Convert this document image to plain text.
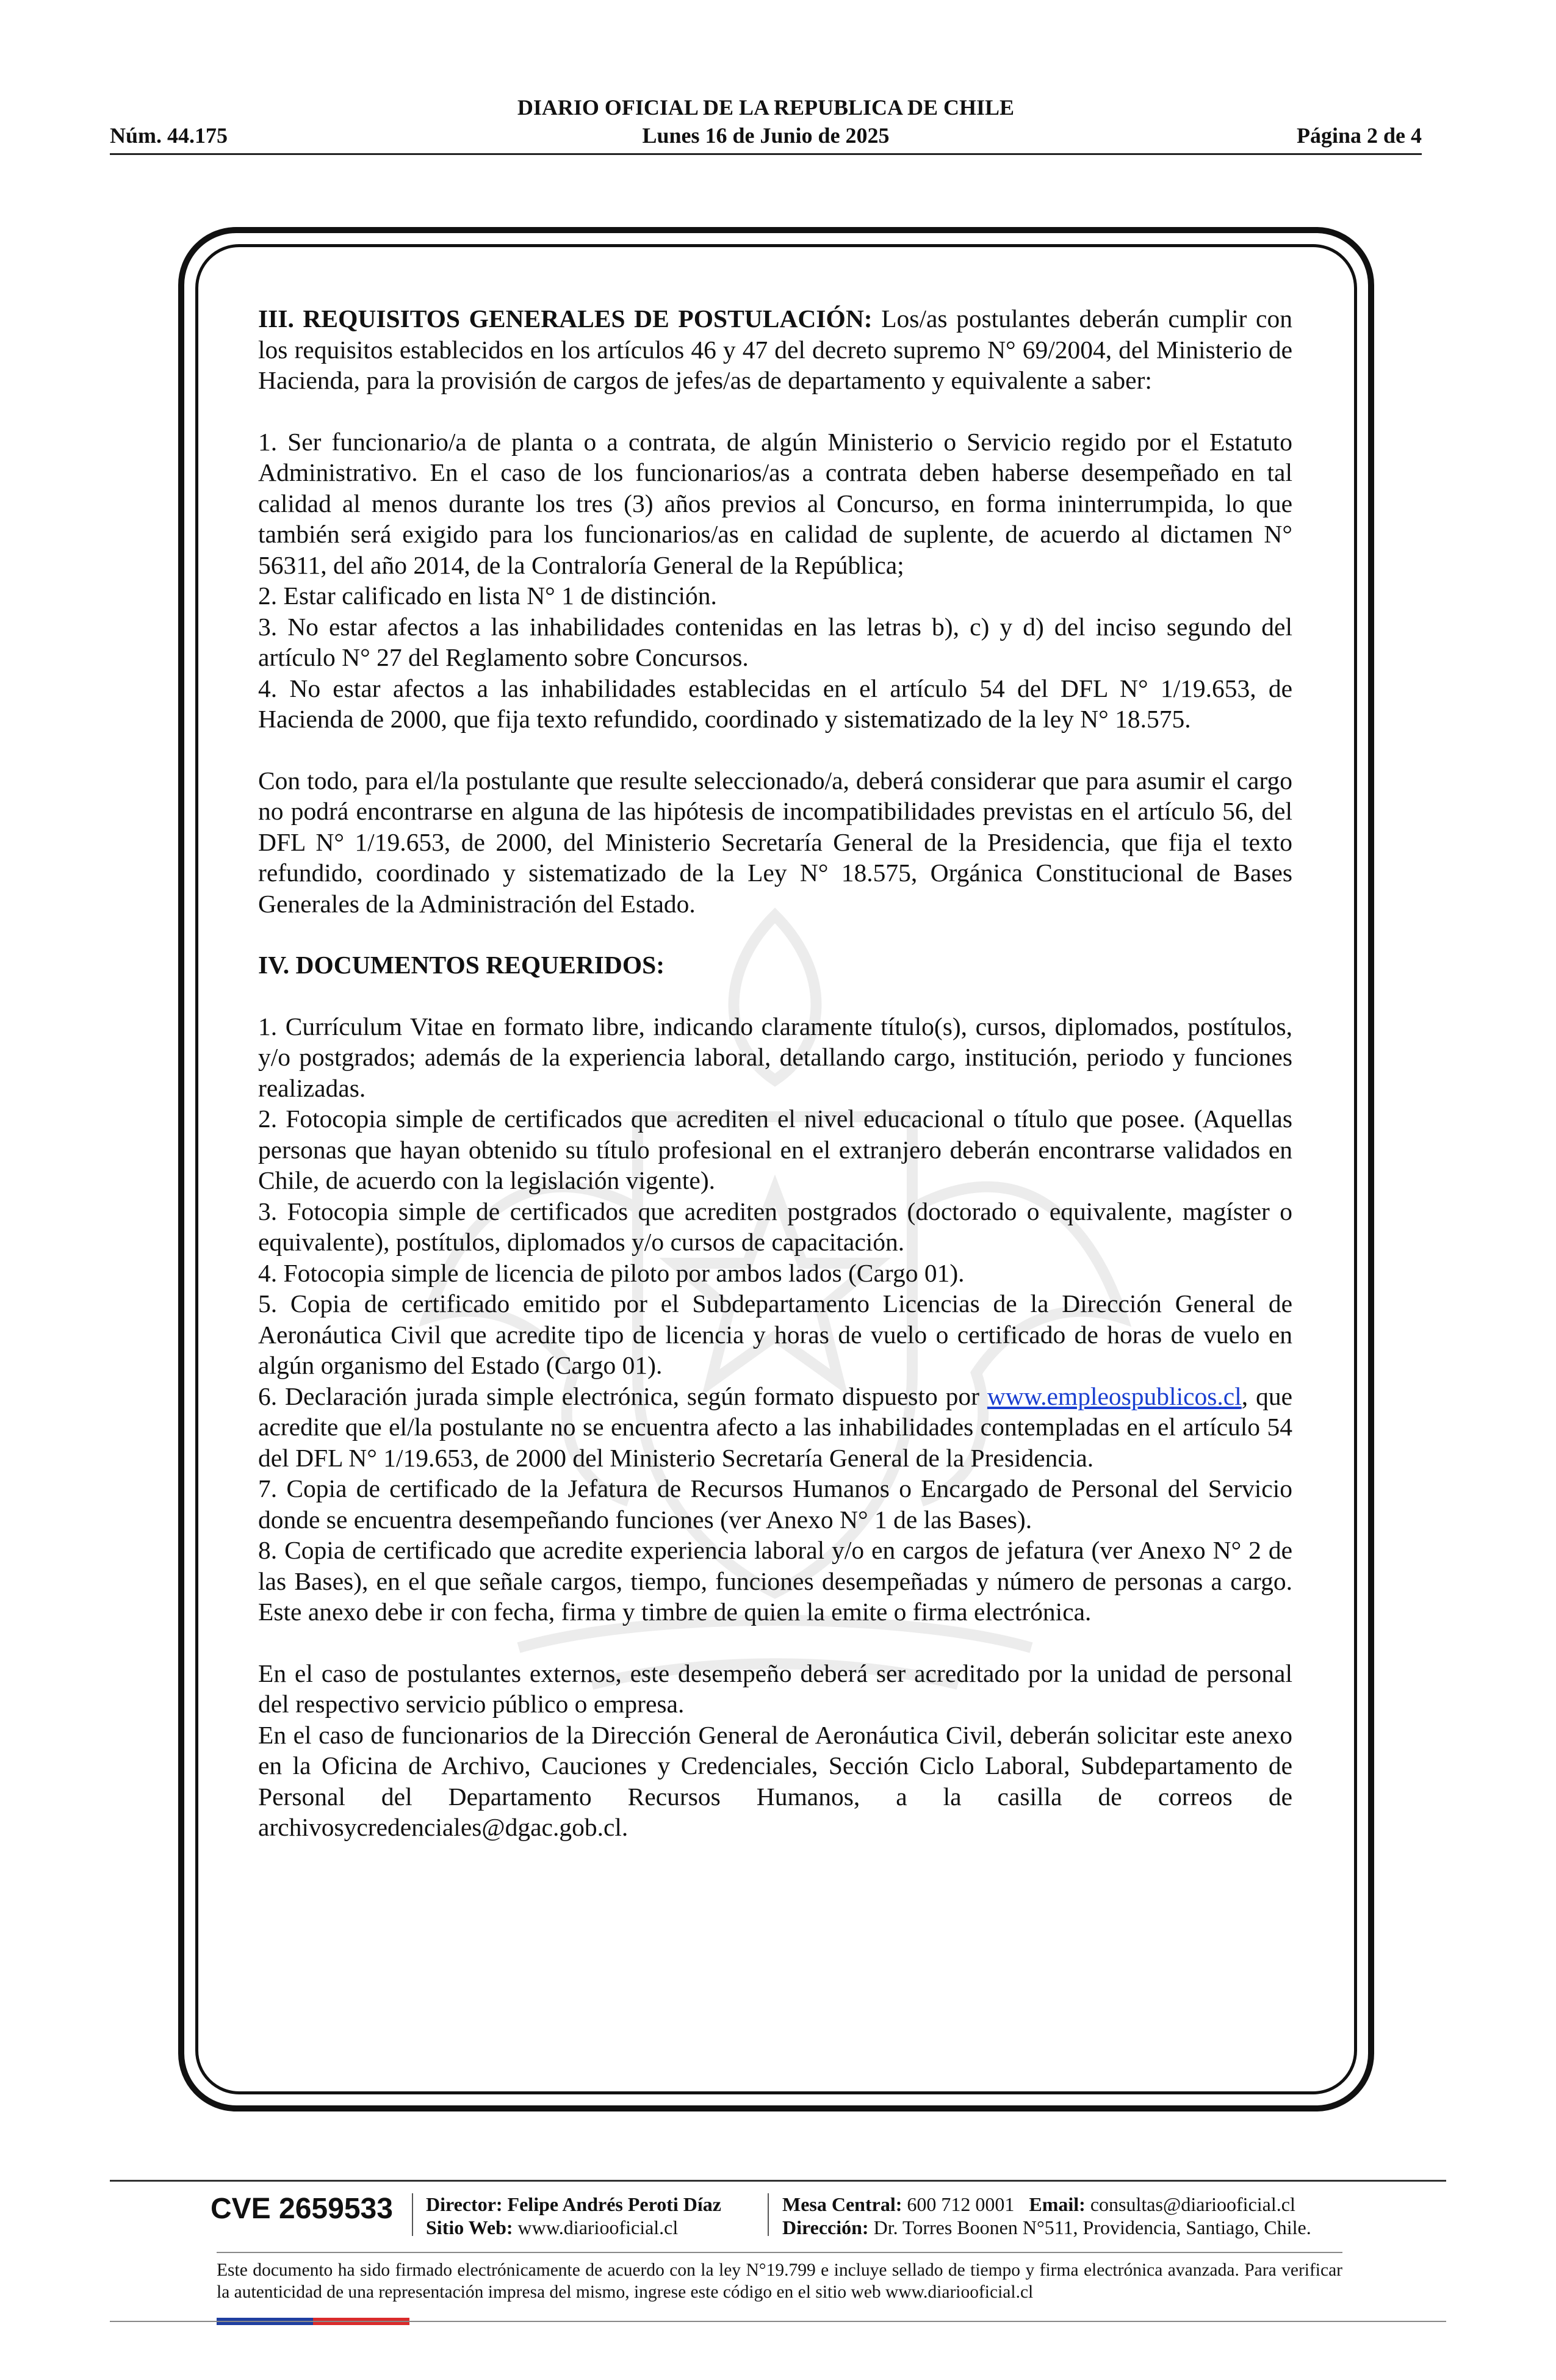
DIARIO OFICIAL DE LA REPUBLICA DE CHILE
Núm. 44.175	Lunes 16 de Junio de 2025	Página 2 de 4

III. REQUISITOS GENERALES DE POSTULACIÓN: Los/as postulantes deberán cumplir con los requisitos establecidos en los artículos 46 y 47 del decreto supremo N° 69/2004, del Ministerio de Hacienda, para la provisión de cargos de jefes/as de departamento y equivalente a saber:

1. Ser funcionario/a de planta o a contrata, de algún Ministerio o Servicio regido por el Estatuto Administrativo. En el caso de los funcionarios/as a contrata deben haberse desempeñado en tal calidad al menos durante los tres (3) años previos al Concurso, en forma ininterrumpida, lo que también será exigido para los funcionarios/as en calidad de suplente, de acuerdo al dictamen N° 56311, del año 2014, de la Contraloría General de la República;

2. Estar calificado en lista N° 1 de distinción.

3. No estar afectos a las inhabilidades contenidas en las letras b), c) y d) del inciso segundo del artículo N° 27 del Reglamento sobre Concursos.

4. No estar afectos a las inhabilidades establecidas en el artículo 54 del DFL N° 1/19.653, de Hacienda de 2000, que fija texto refundido, coordinado y sistematizado de la ley N° 18.575.

Con todo, para el/la postulante que resulte seleccionado/a, deberá considerar que para asumir el cargo no podrá encontrarse en alguna de las hipótesis de incompatibilidades previstas en el artículo 56, del DFL N° 1/19.653, de 2000, del Ministerio Secretaría General de la Presidencia, que fija el texto refundido, coordinado y sistematizado de la Ley N° 18.575, Orgánica Constitucional de Bases Generales de la Administración del Estado.

IV. DOCUMENTOS REQUERIDOS:

1. Currículum Vitae en formato libre, indicando claramente título(s), cursos, diplomados, postítulos, y/o postgrados; además de la experiencia laboral, detallando cargo, institución, periodo y funciones realizadas.

2. Fotocopia simple de certificados que acrediten el nivel educacional o título que posee. (Aquellas personas que hayan obtenido su título profesional en el extranjero deberán encontrarse validados en Chile, de acuerdo con la legislación vigente).

3. Fotocopia simple de certificados que acrediten postgrados (doctorado o equivalente, magíster o equivalente), postítulos, diplomados y/o cursos de capacitación.

4. Fotocopia simple de licencia de piloto por ambos lados (Cargo 01).

5. Copia de certificado emitido por el Subdepartamento Licencias de la Dirección General de Aeronáutica Civil que acredite tipo de licencia y horas de vuelo o certificado de horas de vuelo en algún organismo del Estado (Cargo 01).

6. Declaración jurada simple electrónica, según formato dispuesto por www.empleospublicos.cl, que acredite que el/la postulante no se encuentra afecto a las inhabilidades contempladas en el artículo 54 del DFL N° 1/19.653, de 2000 del Ministerio Secretaría General de la Presidencia.

7. Copia de certificado de la Jefatura de Recursos Humanos o Encargado de Personal del Servicio donde se encuentra desempeñando funciones (ver Anexo N° 1 de las Bases).

8. Copia de certificado que acredite experiencia laboral y/o en cargos de jefatura (ver Anexo N° 2 de las Bases), en el que señale cargos, tiempo, funciones desempeñadas y número de personas a cargo. Este anexo debe ir con fecha, firma y timbre de quien la emite o firma electrónica.

En el caso de postulantes externos, este desempeño deberá ser acreditado por la unidad de personal del respectivo servicio público o empresa.

En el caso de funcionarios de la Dirección General de Aeronáutica Civil, deberán solicitar este anexo en la Oficina de Archivo, Cauciones y Credenciales, Sección Ciclo Laboral, Subdepartamento de Personal del Departamento Recursos Humanos, a la casilla de correos de archivosycredenciales@dgac.gob.cl.

CVE 2659533 Director: Felipe Andrés Peroti Díaz
Sitio Web: www.diariooficial.cl
Mesa Central: 600 712 0001 Email: consultas@diariooficial.cl
Dirección: Dr. Torres Boonen N°511, Providencia, Santiago, Chile.
Este documento ha sido firmado electrónicamente de acuerdo con la ley N°19.799 e incluye sellado de tiempo y firma electrónica avanzada. Para verificar la autenticidad de una representación impresa del mismo, ingrese este código en el sitio web www.diariooficial.cl
